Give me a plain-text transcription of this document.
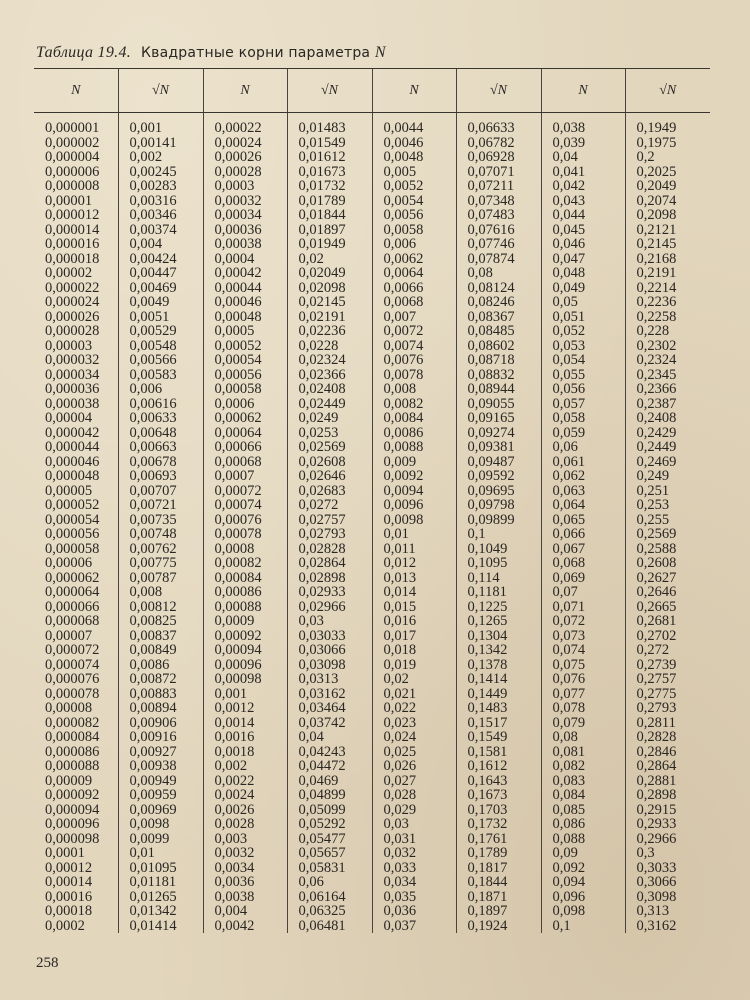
Таблица 19.4. Квадратные корни параметра N
N	√N	N	√N	N	√N	N	√N

0,000001	0,001	0,00022	0,01483	0,0044	0,06633	0,038	0,1949
0,000002	0,00141	0,00024	0,01549	0,0046	0,06782	0,039	0,1975
0,000004	0,002	0,00026	0,01612	0,0048	0,06928	0,04	0,2
0,000006	0,00245	0,00028	0,01673	0,005	0,07071	0,041	0,2025
0,000008	0,00283	0,0003	0,01732	0,0052	0,07211	0,042	0,2049
0,00001	0,00316	0,00032	0,01789	0,0054	0,07348	0,043	0,2074
0,000012	0,00346	0,00034	0,01844	0,0056	0,07483	0,044	0,2098
0,000014	0,00374	0,00036	0,01897	0,0058	0,07616	0,045	0,2121
0,000016	0,004	0,00038	0,01949	0,006	0,07746	0,046	0,2145
0,000018	0,00424	0,0004	0,02	0,0062	0,07874	0,047	0,2168
0,00002	0,00447	0,00042	0,02049	0,0064	0,08	0,048	0,2191
0,000022	0,00469	0,00044	0,02098	0,0066	0,08124	0,049	0,2214
0,000024	0,0049	0,00046	0,02145	0,0068	0,08246	0,05	0,2236
0,000026	0,0051	0,00048	0,02191	0,007	0,08367	0,051	0,2258
0,000028	0,00529	0,0005	0,02236	0,0072	0,08485	0,052	0,228
0,00003	0,00548	0,00052	0,0228	0,0074	0,08602	0,053	0,2302
0,000032	0,00566	0,00054	0,02324	0,0076	0,08718	0,054	0,2324
0,000034	0,00583	0,00056	0,02366	0,0078	0,08832	0,055	0,2345
0,000036	0,006	0,00058	0,02408	0,008	0,08944	0,056	0,2366
0,000038	0,00616	0,0006	0,02449	0,0082	0,09055	0,057	0,2387
0,00004	0,00633	0,00062	0,0249	0,0084	0,09165	0,058	0,2408
0,000042	0,00648	0,00064	0,0253	0,0086	0,09274	0,059	0,2429
0,000044	0,00663	0,00066	0,02569	0,0088	0,09381	0,06	0,2449
0,000046	0,00678	0,00068	0,02608	0,009	0,09487	0,061	0,2469
0,000048	0,00693	0,0007	0,02646	0,0092	0,09592	0,062	0,249
0,00005	0,00707	0,00072	0,02683	0,0094	0,09695	0,063	0,251
0,000052	0,00721	0,00074	0,0272	0,0096	0,09798	0,064	0,253
0,000054	0,00735	0,00076	0,02757	0,0098	0,09899	0,065	0,255
0,000056	0,00748	0,00078	0,02793	0,01	0,1	0,066	0,2569
0,000058	0,00762	0,0008	0,02828	0,011	0,1049	0,067	0,2588
0,00006	0,00775	0,00082	0,02864	0,012	0,1095	0,068	0,2608
0,000062	0,00787	0,00084	0,02898	0,013	0,114	0,069	0,2627
0,000064	0,008	0,00086	0,02933	0,014	0,1181	0,07	0,2646
0,000066	0,00812	0,00088	0,02966	0,015	0,1225	0,071	0,2665
0,000068	0,00825	0,0009	0,03	0,016	0,1265	0,072	0,2681
0,00007	0,00837	0,00092	0,03033	0,017	0,1304	0,073	0,2702
0,000072	0,00849	0,00094	0,03066	0,018	0,1342	0,074	0,272
0,000074	0,0086	0,00096	0,03098	0,019	0,1378	0,075	0,2739
0,000076	0,00872	0,00098	0,0313	0,02	0,1414	0,076	0,2757
0,000078	0,00883	0,001	0,03162	0,021	0,1449	0,077	0,2775
0,00008	0,00894	0,0012	0,03464	0,022	0,1483	0,078	0,2793
0,000082	0,00906	0,0014	0,03742	0,023	0,1517	0,079	0,2811
0,000084	0,00916	0,0016	0,04	0,024	0,1549	0,08	0,2828
0,000086	0,00927	0,0018	0,04243	0,025	0,1581	0,081	0,2846
0,000088	0,00938	0,002	0,04472	0,026	0,1612	0,082	0,2864
0,00009	0,00949	0,0022	0,0469	0,027	0,1643	0,083	0,2881
0,000092	0,00959	0,0024	0,04899	0,028	0,1673	0,084	0,2898
0,000094	0,00969	0,0026	0,05099	0,029	0,1703	0,085	0,2915
0,000096	0,0098	0,0028	0,05292	0,03	0,1732	0,086	0,2933
0,000098	0,0099	0,003	0,05477	0,031	0,1761	0,088	0,2966
0,0001	0,01	0,0032	0,05657	0,032	0,1789	0,09	0,3
0,00012	0,01095	0,0034	0,05831	0,033	0,1817	0,092	0,3033
0,00014	0,01181	0,0036	0,06	0,034	0,1844	0,094	0,3066
0,00016	0,01265	0,0038	0,06164	0,035	0,1871	0,096	0,3098
0,00018	0,01342	0,004	0,06325	0,036	0,1897	0,098	0,313
0,0002	0,01414	0,0042	0,06481	0,037	0,1924	0,1	0,3162
258
